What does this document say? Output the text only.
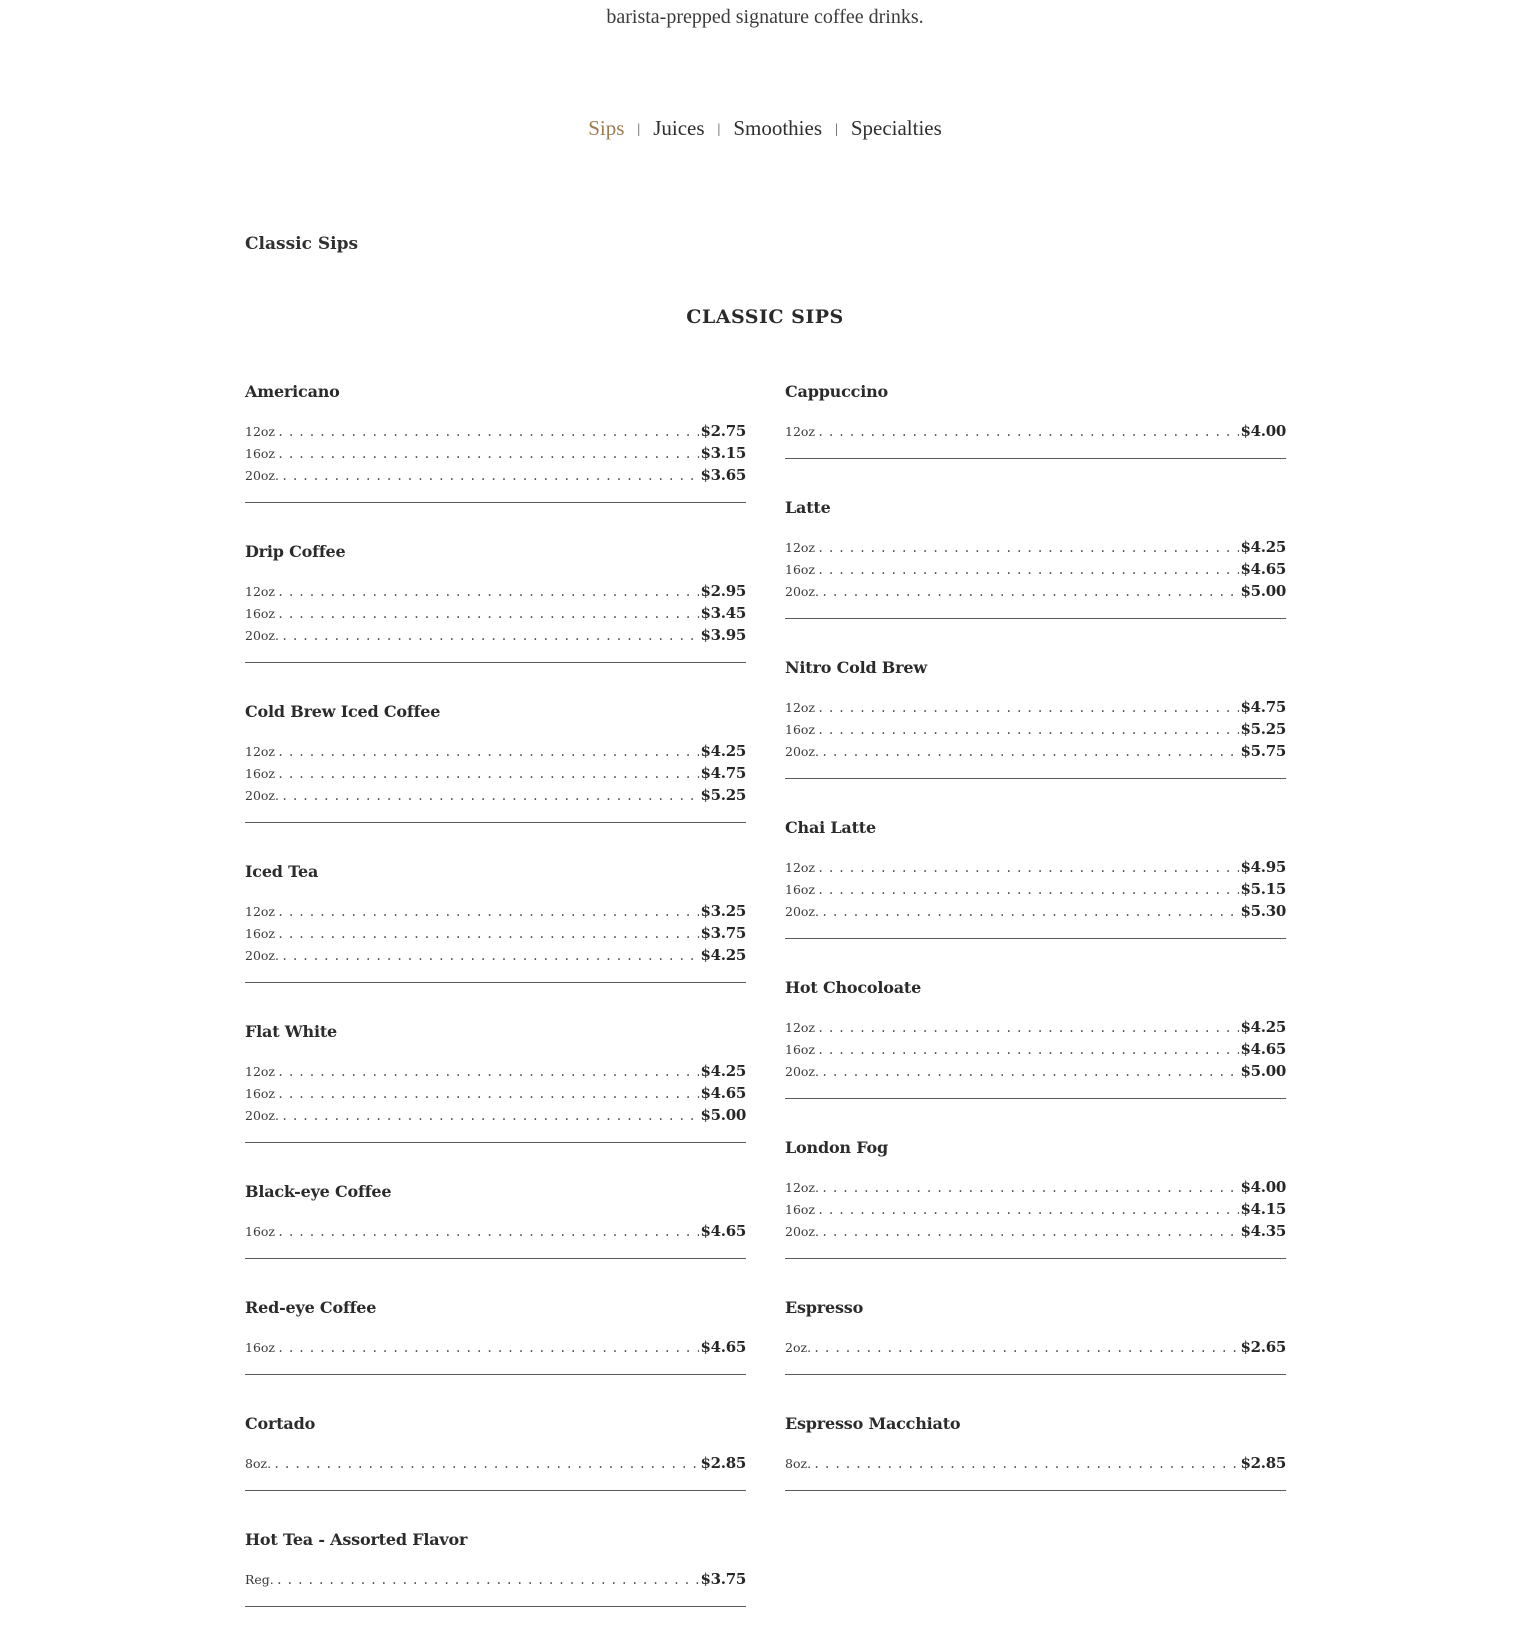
barista-prepped signature coffee drinks.
Sips | Juices | Smoothies | Specialties
Classic Sips
CLASSIC SIPS
Americano
12oz . . .	$2.75
16oz . . .	$3.15
20oz. . . .	$3.65
Drip Coffee
12oz . . .	$2.95
16oz . . .	$3.45
20oz. . . .	$3.95
Cold Brew Iced Coffee
12oz . . .	$4.25
16oz . . .	$4.75
20oz. . . .	$5.25
Iced Tea
12oz . . .	$3.25
16oz . . .	$3.75
20oz. . . .	$4.25
Flat White
12oz . . .	$4.25
16oz . . .	$4.65
20oz. . . .	$5.00
Black-eye Coffee
16oz . . .	$4.65
Red-eye Coffee
16oz . . .	$4.65
Cortado
8oz. . . .	$2.85
Hot Tea - Assorted Flavor
Reg. . . .	$3.75
Cappuccino
12oz . . .	$4.00
Latte
12oz . . .	$4.25
16oz . . .	$4.65
20oz. . . .	$5.00
Nitro Cold Brew
12oz . . .	$4.75
16oz . . .	$5.25
20oz. . . .	$5.75
Chai Latte
12oz . . .	$4.95
16oz . . .	$5.15
20oz. . . .	$5.30
Hot Chocoloate
12oz . . .	$4.25
16oz . . .	$4.65
20oz. . . .	$5.00
London Fog
12oz. . . .	$4.00
16oz . . .	$4.15
20oz. . . .	$4.35
Espresso
2oz. . . .	$2.65
Espresso Macchiato
8oz. . . .	$2.85
